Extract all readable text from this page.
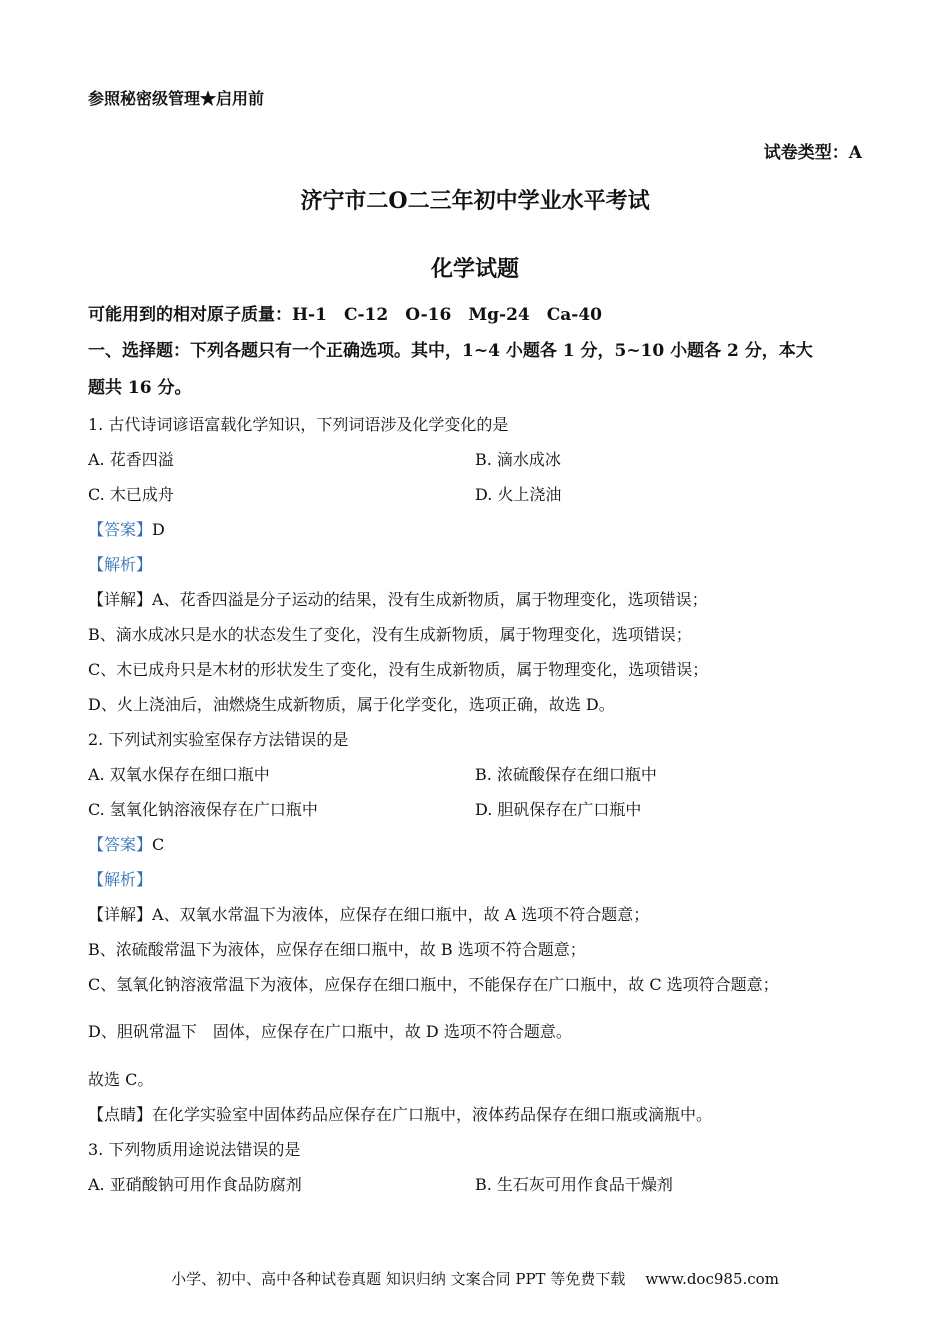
参照秘密级管理★启用前
试卷类型：A
济宁市二O二三年初中学业水平考试
化学试题
可能用到的相对原子质量：H-1　C-12　O-16　Mg-24　Ca-40
一、选择题：下列各题只有一个正确选项。其中，1~4 小题各 1 分，5~10 小题各 2 分，本大
题共 16 分。
1. 古代诗词谚语富载化学知识，下列词语涉及化学变化的是
A. 花香四溢	B. 滴水成冰
C. 木已成舟	D. 火上浇油
【答案】D
【解析】
【详解】A、花香四溢是分子运动的结果，没有生成新物质，属于物理变化，选项错误；
B、滴水成冰只是水的状态发生了变化，没有生成新物质，属于物理变化，选项错误；
C、木已成舟只是木材的形状发生了变化，没有生成新物质，属于物理变化，选项错误；
D、火上浇油后，油燃烧生成新物质，属于化学变化，选项正确，故选 D。
2. 下列试剂实验室保存方法错误的是
A. 双氧水保存在细口瓶中	B. 浓硫酸保存在细口瓶中
C. 氢氧化钠溶液保存在广口瓶中	D. 胆矾保存在广口瓶中
【答案】C
【解析】
【详解】A、双氧水常温下为液体，应保存在细口瓶中，故 A 选项不符合题意；
B、浓硫酸常温下为液体，应保存在细口瓶中，故 B 选项不符合题意；
C、氢氧化钠溶液常温下为液体，应保存在细口瓶中，不能保存在广口瓶中，故 C 选项符合题意；
D、胆矾常温下　固体，应保存在广口瓶中，故 D 选项不符合题意。
故选 C。
【点睛】在化学实验室中固体药品应保存在广口瓶中，液体药品保存在细口瓶或滴瓶中。
3. 下列物质用途说法错误的是
A. 亚硝酸钠可用作食品防腐剂	B. 生石灰可用作食品干燥剂
小学、初中、高中各种试卷真题 知识归纳 文案合同 PPT 等免费下载 www.doc985.com
